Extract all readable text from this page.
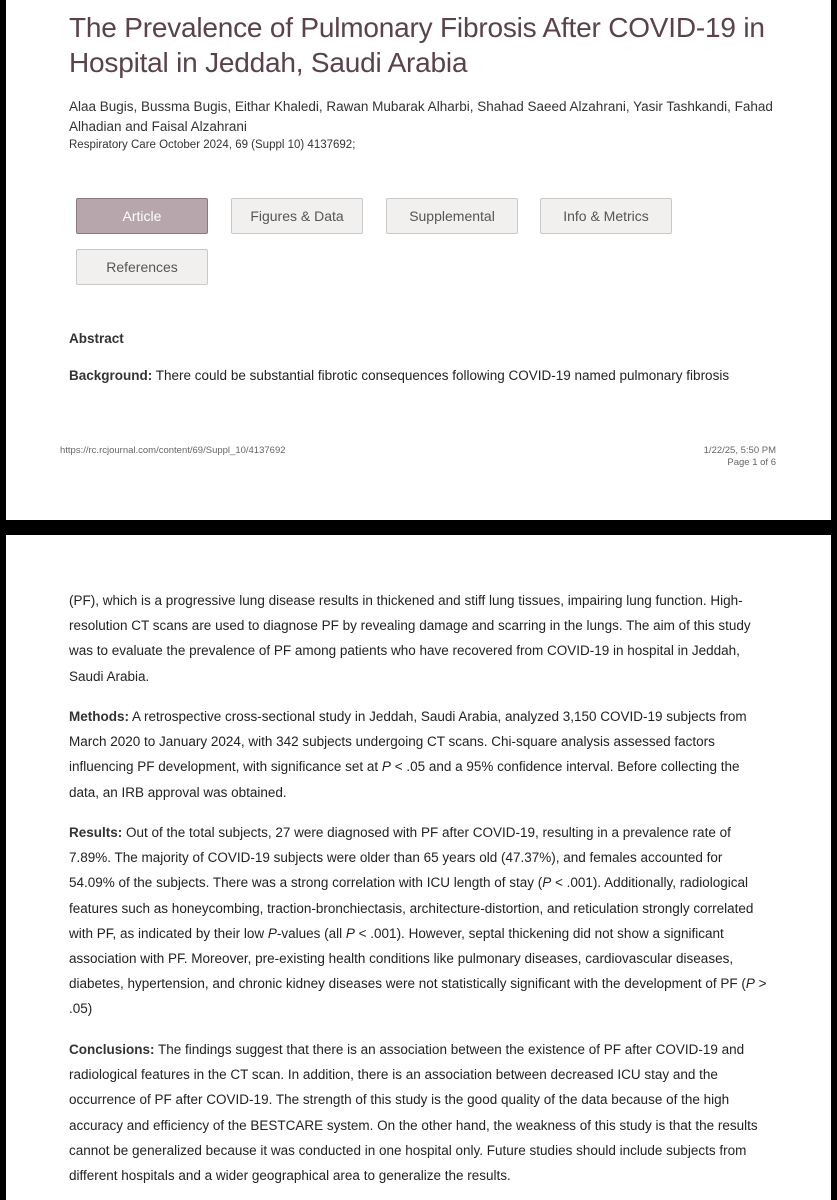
The Prevalence of Pulmonary Fibrosis After COVID-19 in Hospital in Jeddah, Saudi Arabia

Alaa Bugis, Bussma Bugis, Eithar Khaledi, Rawan Mubarak Alharbi, Shahad Saeed Alzahrani, Yasir Tashkandi, Fahad Alhadian and Faisal Alzahrani

Respiratory Care October 2024, 69 (Suppl 10) 4137692;

Article	Figures & Data	Supplemental	Info & Metrics
References
Abstract

Background: There could be substantial fibrotic consequences following COVID-19 named pulmonary fibrosis

https://rc.rcjournal.com/content/69/Suppl_10/4137692	1/22/25, 5:50 PM
Page 1 of 6

(PF), which is a progressive lung disease results in thickened and stiff lung tissues, impairing lung function. High-resolution CT scans are used to diagnose PF by revealing damage and scarring in the lungs. The aim of this study was to evaluate the prevalence of PF among patients who have recovered from COVID-19 in hospital in Jeddah, Saudi Arabia.

Methods: A retrospective cross-sectional study in Jeddah, Saudi Arabia, analyzed 3,150 COVID-19 subjects from March 2020 to January 2024, with 342 subjects undergoing CT scans. Chi-square analysis assessed factors influencing PF development, with significance set at P < .05 and a 95% confidence interval. Before collecting the data, an IRB approval was obtained.

Results: Out of the total subjects, 27 were diagnosed with PF after COVID-19, resulting in a prevalence rate of 7.89%. The majority of COVID-19 subjects were older than 65 years old (47.37%), and females accounted for 54.09% of the subjects. There was a strong correlation with ICU length of stay (P < .001). Additionally, radiological features such as honeycombing, traction-bronchiectasis, architecture-distortion, and reticulation strongly correlated with PF, as indicated by their low P-values (all P < .001). However, septal thickening did not show a significant association with PF. Moreover, pre-existing health conditions like pulmonary diseases, cardiovascular diseases, diabetes, hypertension, and chronic kidney diseases were not statistically significant with the development of PF (P > .05)

Conclusions: The findings suggest that there is an association between the existence of PF after COVID-19 and radiological features in the CT scan. In addition, there is an association between decreased ICU stay and the occurrence of PF after COVID-19. The strength of this study is the good quality of the data because of the high accuracy and efficiency of the BESTCARE system. On the other hand, the weakness of this study is that the results cannot be generalized because it was conducted in one hospital only. Future studies should include subjects from different hospitals and a wider geographical area to generalize the results.
